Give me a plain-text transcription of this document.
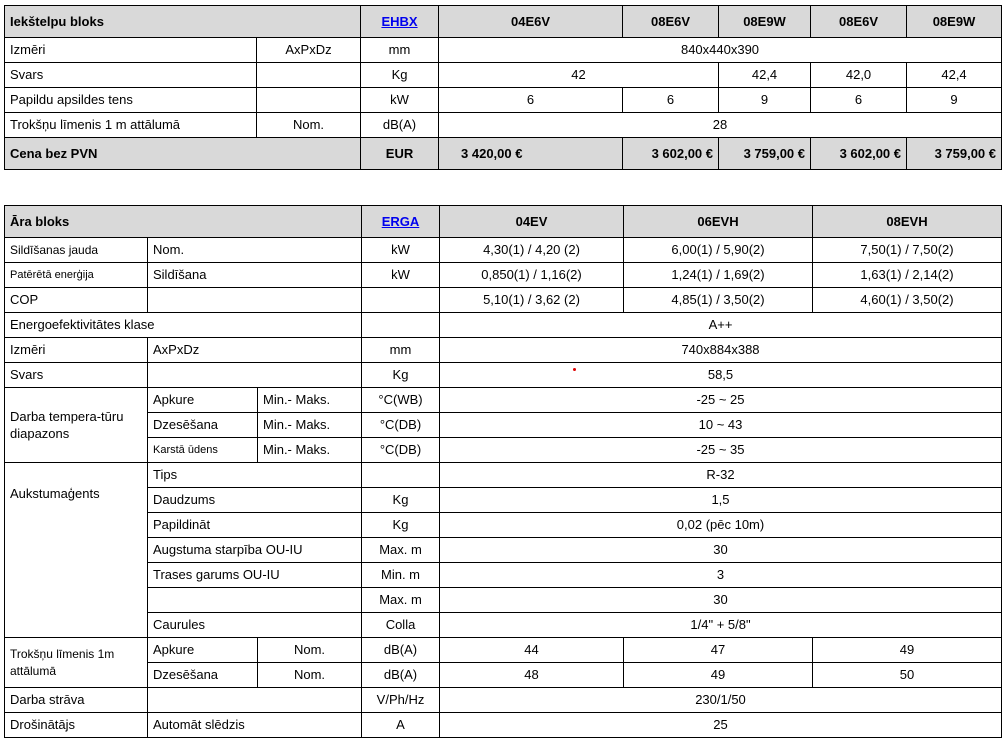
Iekštelpu bloks		EHBX	04E6V	08E6V	08E9W	08E6V	08E9W
Izmēri	AxPxDz	mm	840x440x390				
Svars		Kg	42		42,4	42,0	42,4
Papildu apsildes tens		kW	6	6	9	6	9
Trokšņu līmenis 1 m attālumā	Nom.	dB(A)	28				
Cena bez PVN		EUR	3 420,00 €	3 602,00 €	3 759,00 €	3 602,00 €	3 759,00 €
Āra bloks			ERGA	04EV	06EVH	08EVH
Sildīšanas jauda	Nom.		kW	4,30(1) / 4,20 (2)	6,00(1) / 5,90(2)	7,50(1) / 7,50(2)
Patērētā enerģija	Sildīšana		kW	0,850(1) / 1,16(2)	1,24(1) / 1,69(2)	1,63(1) / 2,14(2)
COP				5,10(1) / 3,62 (2)	4,85(1) / 3,50(2)	4,60(1) / 3,50(2)
Energoefektivitātes klase				A++		
Izmēri	AxPxDz		mm	740x884x388		
Svars			Kg	58,5		
Darba tempera-tūru diapazons	Apkure	Min.- Maks.	°C(WB)	-25 ~ 25		
	Dzesēšana	Min.- Maks.	°C(DB)	10 ~ 43		
	Karstā ūdens	Min.- Maks.	°C(DB)	-25 ~ 35		
Aukstumaģents	Tips			R-32		
	Daudzums		Kg	1,5		
	Papildināt		Kg	0,02 (pēc 10m)		
	Augstuma starpība OU-IU		Max. m	30		
	Trases garums OU-IU		Min. m	3		
			Max. m	30		
	Caurules		Colla	1/4" + 5/8"		
Trokšņu līmenis 1m attālumā	Apkure	Nom.	dB(A)	44	47	49
	Dzesēšana	Nom.	dB(A)	48	49	50
Darba strāva			V/Ph/Hz	230/1/50		
Drošinātājs	Automāt slēdzis		A	25		
